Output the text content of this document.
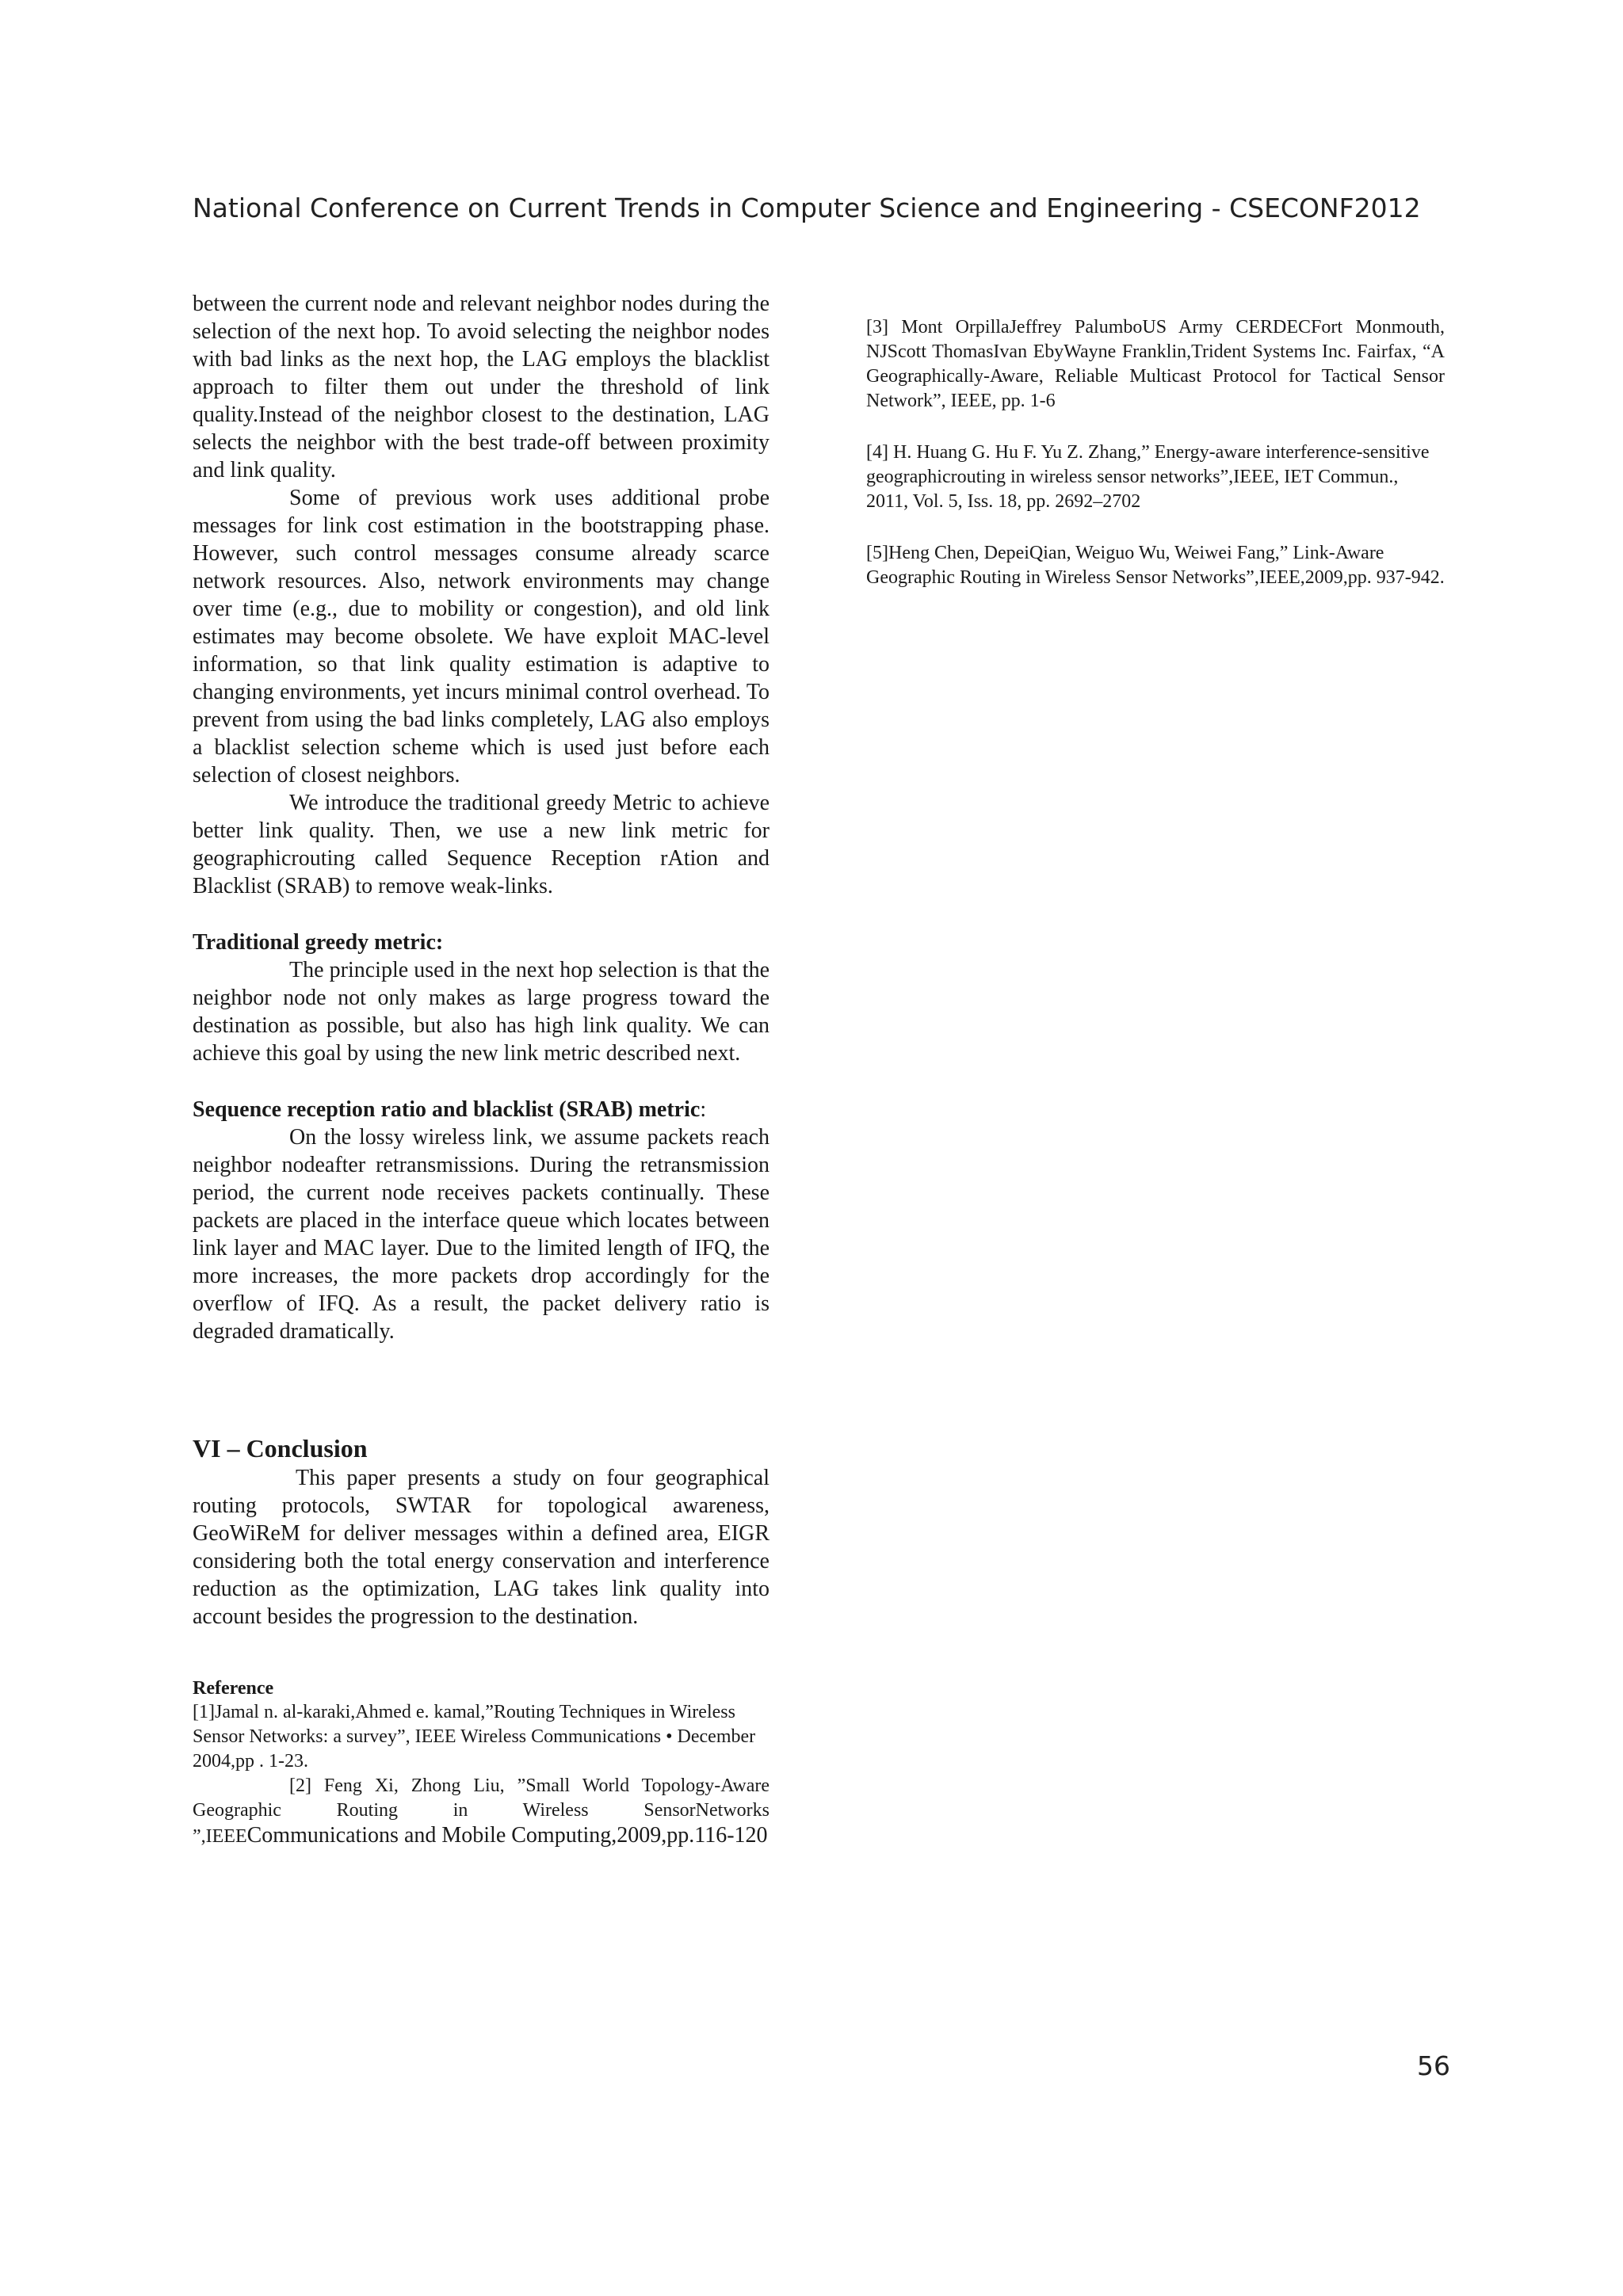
National Conference on Current Trends in Computer Science and Engineering - CSECONF2012

between the current node and relevant neighbor nodes during the selection of the next hop. To avoid selecting the neighbor nodes with bad links as the next hop, the LAG employs the blacklist approach to filter them out under the threshold of link quality.Instead of the neighbor closest to the destination, LAG selects the neighbor with the best trade-off between proximity and link quality.

Some of previous work uses additional probe messages for link cost estimation in the bootstrapping phase. However, such control messages consume already scarce network resources. Also, network environments may change over time (e.g., due to mobility or congestion), and old link estimates may become obsolete. We have exploit MAC-level information, so that link quality estimation is adaptive to changing environments, yet incurs minimal control overhead. To prevent from using the bad links completely, LAG also employs a blacklist selection scheme which is used just before each selection of closest neighbors.

We introduce the traditional greedy Metric to achieve better link quality. Then, we use a new link metric for geographicrouting called Sequence Reception rAtion and Blacklist (SRAB) to remove weak-links.

Traditional greedy metric:

The principle used in the next hop selection is that the neighbor node not only makes as large progress toward the destination as possible, but also has high link quality. We can achieve this goal by using the new link metric described next.

Sequence reception ratio and blacklist (SRAB) metric:

On the lossy wireless link, we assume packets reach neighbor nodeafter retransmissions. During the retransmission period, the current node receives packets continually. These packets are placed in the interface queue which locates between link layer and MAC layer. Due to the limited length of IFQ, the more increases, the more packets drop accordingly for the overflow of IFQ. As a result, the packet delivery ratio is degraded dramatically.

VI – Conclusion

This paper presents a study on four geographical routing protocols, SWTAR for topological awareness, GeoWiReM for deliver messages within a defined area, EIGR considering both the total energy conservation and interference reduction as the optimization, LAG takes link quality into account besides the progression to the destination.

Reference

[1]Jamal n. al-karaki,Ahmed e. kamal,”Routing Techniques in Wireless Sensor Networks: a survey”, IEEE Wireless Communications • December 2004,pp . 1-23.

[2] Feng Xi, Zhong Liu, ”Small World Topology-Aware Geographic Routing in Wireless SensorNetworks ”,IEEECommunications and Mobile Computing,2009,pp.116-120

[3] Mont OrpillaJeffrey PalumboUS Army CERDECFort Monmouth, NJScott ThomasIvan EbyWayne Franklin,Trident Systems Inc. Fairfax, “A Geographically-Aware, Reliable Multicast Protocol for Tactical Sensor Network”, IEEE, pp. 1-6

[4] H. Huang G. Hu F. Yu Z. Zhang,” Energy-aware interference-sensitive geographicrouting in wireless sensor networks”,IEEE, IET Commun., 2011, Vol. 5, Iss. 18, pp. 2692–2702

[5]Heng Chen, DepeiQian, Weiguo Wu, Weiwei Fang,” Link-Aware Geographic Routing in Wireless Sensor Networks”,IEEE,2009,pp. 937-942.

56
